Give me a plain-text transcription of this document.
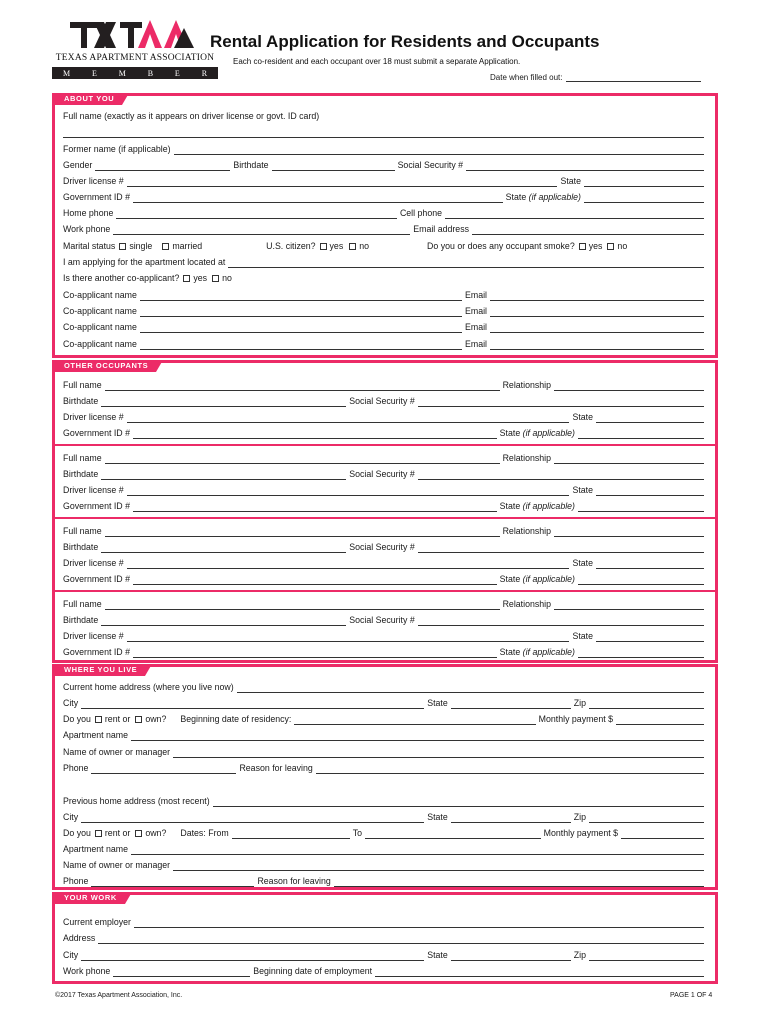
TEXAS APARTMENT ASSOCIATION
M	E	M	B	E	R
Rental Application for Residents and Occupants
Each co-resident and each occupant over 18 must submit a separate Application.
Date when filled out:
ABOUT YOU
Full name (exactly as it appears on driver license or govt. ID card)
Former name (if applicable)
Gender	Birthdate	Social Security #
Driver license #	State
Government ID #	State (if applicable)
Home phone	Cell phone
Work phone	Email address
Marital status	single	married	U.S. citizen?	yes	no	Do you or does any occupant smoke?	yes	no
I am applying for the apartment located at
Is there another co-applicant?	yes	no
Co-applicant name	Email
Co-applicant name	Email
Co-applicant name	Email
Co-applicant name	Email
OTHER OCCUPANTS
Full name	Relationship
Birthdate	Social Security #
Driver license #	State
Government ID #	State (if applicable)
Full name	Relationship
Birthdate	Social Security #
Driver license #	State
Government ID #	State (if applicable)
Full name	Relationship
Birthdate	Social Security #
Driver license #	State
Government ID #	State (if applicable)
Full name	Relationship
Birthdate	Social Security #
Driver license #	State
Government ID #	State (if applicable)
WHERE YOU LIVE
Current home address (where you live now)
City	State	Zip
Do you	rent or	own? Beginning date of residency:	Monthly payment $
Apartment name
Name of owner or manager
Phone	Reason for leaving
Previous home address (most recent)
City	State	Zip
Do you	rent or	own? Dates: From	To	Monthly payment $
Apartment name
Name of owner or manager
Phone	Reason for leaving
YOUR WORK
Current employer
Address
City	State	Zip
Work phone	Beginning date of employment
©2017 Texas Apartment Association, Inc.	PAGE 1 OF 4
